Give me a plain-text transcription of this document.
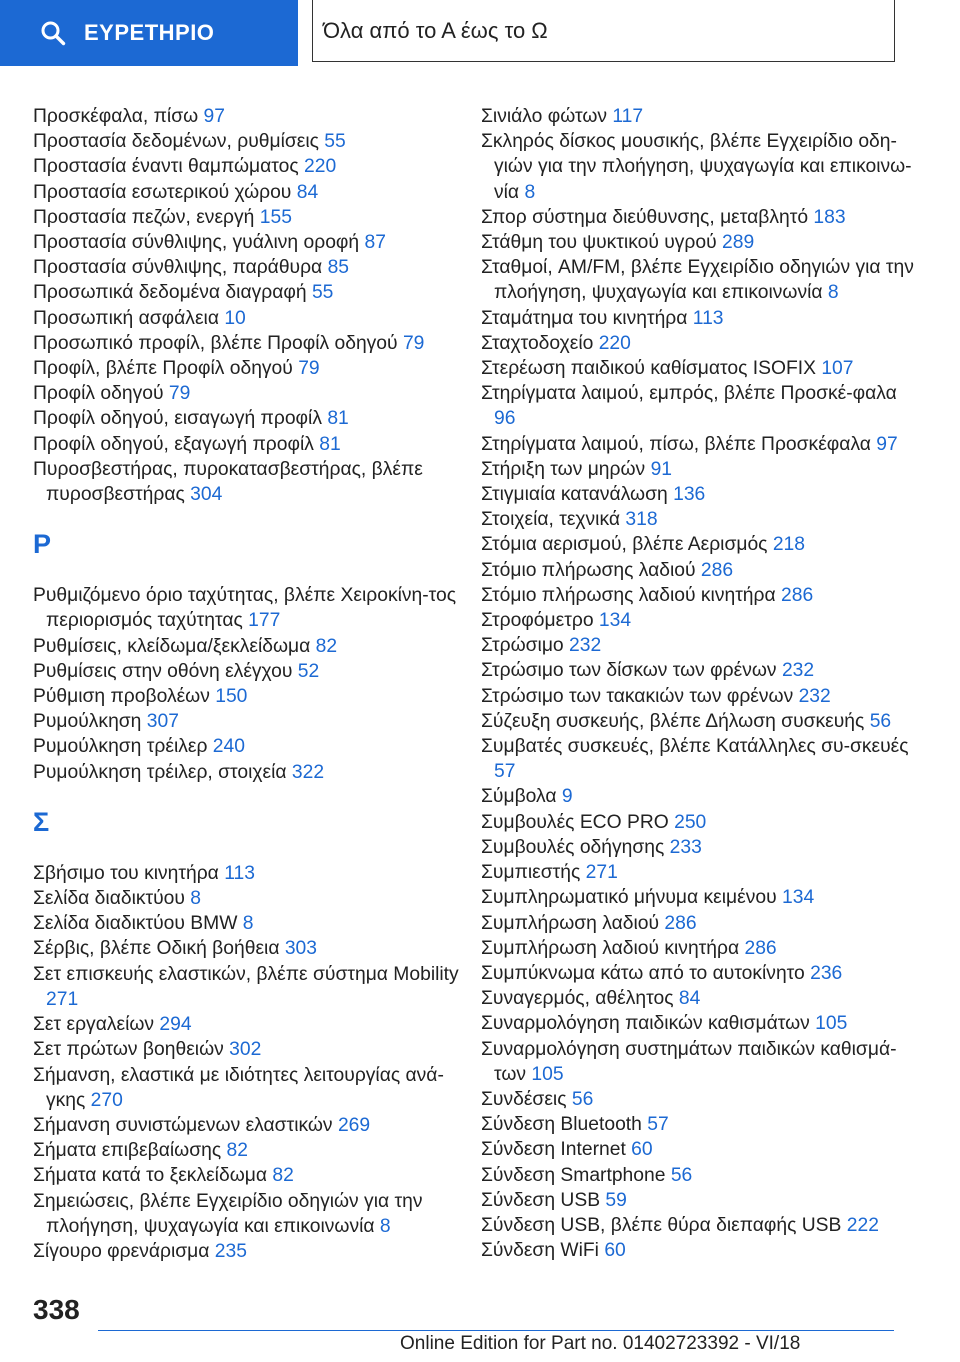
ΕΥΡΕΤΗΡΙΟ	Όλα από το Α έως το Ω
Προσκέφαλα, πίσω 97
Προστασία δεδομένων, ρυθμίσεις 55
Προστασία έναντι θαμπώματος 220
Προστασία εσωτερικού χώρου 84
Προστασία πεζών, ενεργή 155
Προστασία σύνθλιψης, γυάλινη οροφή 87
Προστασία σύνθλιψης, παράθυρα 85
Προσωπικά δεδομένα διαγραφή 55
Προσωπική ασφάλεια 10
Προσωπικό προφίλ, βλέπε Προφίλ οδηγού 79
Προφίλ, βλέπε Προφίλ οδηγού 79
Προφίλ οδηγού 79
Προφίλ οδηγού, εισαγωγή προφίλ 81
Προφίλ οδηγού, εξαγωγή προφίλ 81
Πυροσβεστήρας, πυροκατασβεστήρας, βλέπε πυροσβεστήρας 304
Ρ
Ρυθμιζόμενο όριο ταχύτητας, βλέπε Χειροκίνη‐τος περιορισμός ταχύτητας 177
Ρυθμίσεις, κλείδωμα/ξεκλείδωμα 82
Ρυθμίσεις στην οθόνη ελέγχου 52
Ρύθμιση προβολέων 150
Ρυμούλκηση 307
Ρυμούλκηση τρέιλερ 240
Ρυμούλκηση τρέιλερ, στοιχεία 322
Σ
Σβήσιμο του κινητήρα 113
Σελίδα διαδικτύου 8
Σελίδα διαδικτύου BMW 8
Σέρβις, βλέπε Οδική βοήθεια 303
Σετ επισκευής ελαστικών, βλέπε σύστημα Mobility 271
Σετ εργαλείων 294
Σετ πρώτων βοηθειών 302
Σήμανση, ελαστικά με ιδιότητες λειτουργίας ανά‐γκης 270
Σήμανση συνιστώμενων ελαστικών 269
Σήματα επιβεβαίωσης 82
Σήματα κατά το ξεκλείδωμα 82
Σημειώσεις, βλέπε Εγχειρίδιο οδηγιών για την πλοήγηση, ψυχαγωγία και επικοινωνία 8
Σίγουρο φρενάρισμα 235
Σινιάλο φώτων 117
Σκληρός δίσκος μουσικής, βλέπε Εγχειρίδιο οδη‐γιών για την πλοήγηση, ψυχαγωγία και επικοινω‐νία 8
Σπορ σύστημα διεύθυνσης, μεταβλητό 183
Στάθμη του ψυκτικού υγρού 289
Σταθμοί, AM/FM, βλέπε Εγχειρίδιο οδηγιών για την πλοήγηση, ψυχαγωγία και επικοινωνία 8
Σταμάτημα του κινητήρα 113
Σταχτοδοχείο 220
Στερέωση παιδικού καθίσματος ISOFIX 107
Στηρίγματα λαιμού, εμπρός, βλέπε Προσκέ‐φαλα 96
Στηρίγματα λαιμού, πίσω, βλέπε Προσκέφαλα 97
Στήριξη των μηρών 91
Στιγμιαία κατανάλωση 136
Στοιχεία, τεχνικά 318
Στόμια αερισμού, βλέπε Αερισμός 218
Στόμιο πλήρωσης λαδιού 286
Στόμιο πλήρωσης λαδιού κινητήρα 286
Στροφόμετρο 134
Στρώσιμο 232
Στρώσιμο των δίσκων των φρένων 232
Στρώσιμο των τακακιών των φρένων 232
Σύζευξη συσκευής, βλέπε Δήλωση συσκευής 56
Συμβατές συσκευές, βλέπε Κατάλληλες συ‐σκευές 57
Σύμβολα 9
Συμβουλές ECO PRO 250
Συμβουλές οδήγησης 233
Συμπιεστής 271
Συμπληρωματικό μήνυμα κειμένου 134
Συμπλήρωση λαδιού 286
Συμπλήρωση λαδιού κινητήρα 286
Συμπύκνωμα κάτω από το αυτοκίνητο 236
Συναγερμός, αθέλητος 84
Συναρμολόγηση παιδικών καθισμάτων 105
Συναρμολόγηση συστημάτων παιδικών καθισμά‐των 105
Συνδέσεις 56
Σύνδεση Bluetooth 57
Σύνδεση Internet 60
Σύνδεση Smartphone 56
Σύνδεση USB 59
Σύνδεση USB, βλέπε θύρα διεπαφής USB 222
Σύνδεση WiFi 60
338
Online Edition for Part no. 01402723392 - VI/18
